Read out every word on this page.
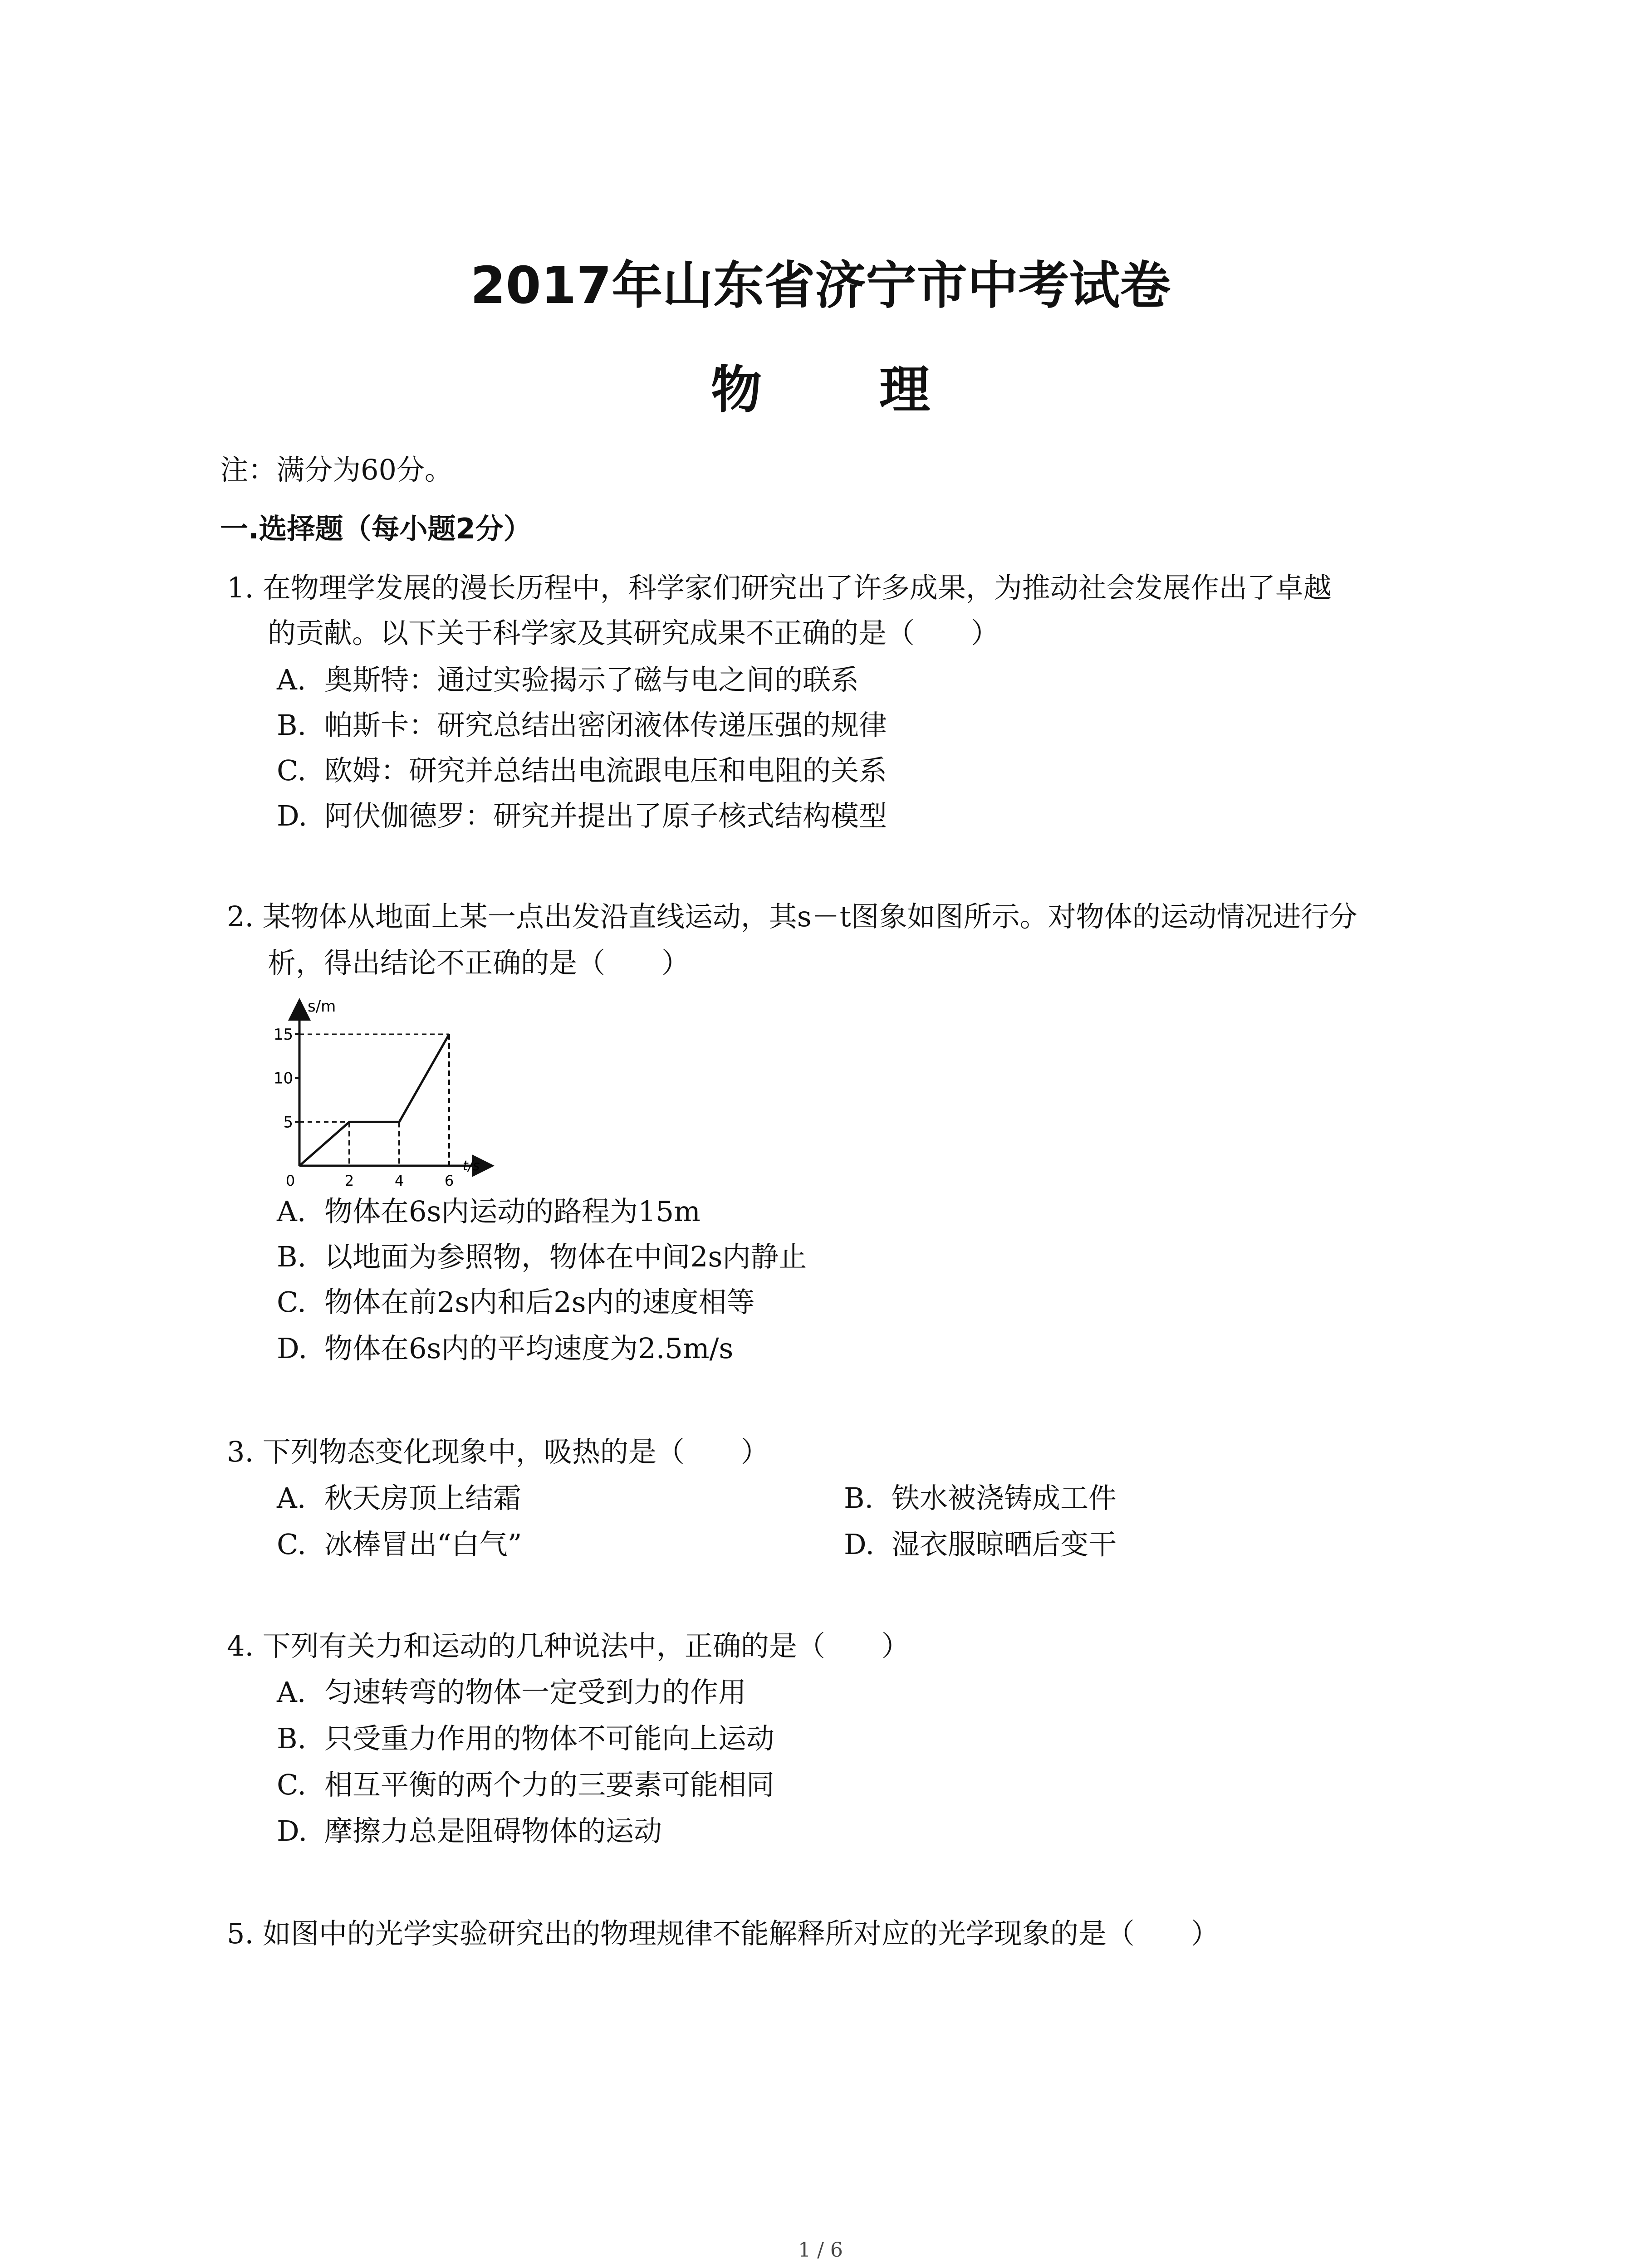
2017年山东省济宁市中考试卷
物 理
注：满分为60分。
一.选择题（每小题2分）
1. 在物理学发展的漫长历程中，科学家们研究出了许多成果，为推动社会发展作出了卓越
的贡献。以下关于科学家及其研究成果不正确的是（　　）
A. 奥斯特：通过实验揭示了磁与电之间的联系
B. 帕斯卡：研究总结出密闭液体传递压强的规律
C. 欧姆：研究并总结出电流跟电压和电阻的关系
D. 阿伏伽德罗：研究并提出了原子核式结构模型
2. 某物体从地面上某一点出发沿直线运动，其s－t图象如图所示。对物体的运动情况进行分
析，得出结论不正确的是（　　）
s/m
t/s
5
10
15
0	2	4	6
A. 物体在6s内运动的路程为15m
B. 以地面为参照物，物体在中间2s内静止
C. 物体在前2s内和后2s内的速度相等
D. 物体在6s内的平均速度为2.5m/s
3. 下列物态变化现象中，吸热的是（　　）
A. 秋天房顶上结霜	B. 铁水被浇铸成工件
C. 冰棒冒出“白气”	D. 湿衣服晾晒后变干
4. 下列有关力和运动的几种说法中，正确的是（　　）
A. 匀速转弯的物体一定受到力的作用
B. 只受重力作用的物体不可能向上运动
C. 相互平衡的两个力的三要素可能相同
D. 摩擦力总是阻碍物体的运动
5. 如图中的光学实验研究出的物理规律不能解释所对应的光学现象的是（　　）
1 / 6
